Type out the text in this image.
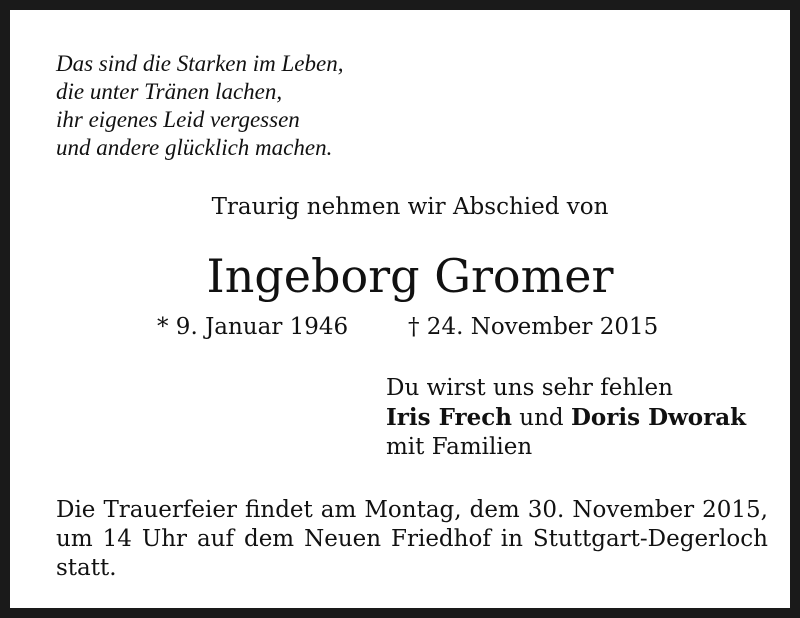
Das sind die Starken im Leben,
die unter Tränen lachen,
ihr eigenes Leid vergessen
und andere glücklich machen.
Traurig nehmen wir Abschied von
Ingeborg Gromer
* 9. Januar 1946	† 24. November 2015
Du wirst uns sehr fehlen
Iris Frech und Doris Dworak
mit Familien
Die Trauerfeier findet am Montag, dem 30. November 2015,
um 14 Uhr auf dem Neuen Friedhof in Stuttgart-Degerloch
statt.
